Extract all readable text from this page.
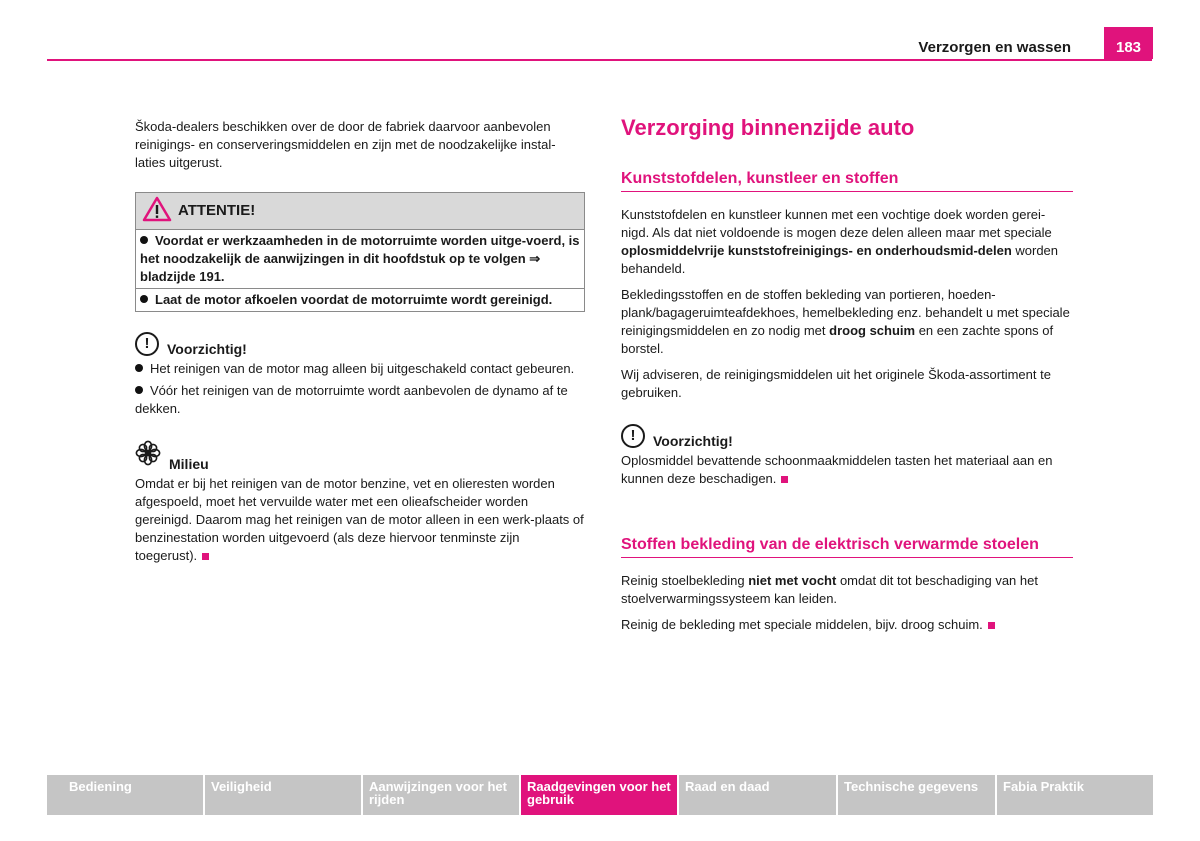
Verzorgen en wassen	183

Škoda-dealers beschikken over de door de fabriek daarvoor aanbevolen reinigings- en conserveringsmiddelen en zijn met de noodzakelijke instal-laties uitgerust.

ATTENTIE!
Voordat er werkzaamheden in de motorruimte worden uitge-voerd, is het noodzakelijk de aanwijzingen in dit hoofdstuk op te volgen ⇒ bladzijde 191.
Laat de motor afkoelen voordat de motorruimte wordt gereinigd.
!	Voorzichtig!

Het reinigen van de motor mag alleen bij uitgeschakeld contact gebeuren.

Vóór het reinigen van de motorruimte wordt aanbevolen de dynamo af te dekken.

Milieu

Omdat er bij het reinigen van de motor benzine, vet en olieresten worden afgespoeld, moet het vervuilde water met een olieafscheider worden gereinigd. Daarom mag het reinigen van de motor alleen in een werk-plaats of benzinestation worden uitgevoerd (als deze hiervoor tenminste zijn toegerust).

Verzorging binnenzijde auto
Kunststofdelen, kunstleer en stoffen

Kunststofdelen en kunstleer kunnen met een vochtige doek worden gerei-nigd. Als dat niet voldoende is mogen deze delen alleen maar met speciale oplosmiddelvrije kunststofreinigings- en onderhoudsmid-delen worden behandeld.

Bekledingsstoffen en de stoffen bekleding van portieren, hoeden-plank/bagageruimteafdekhoes, hemelbekleding enz. behandelt u met speciale reinigingsmiddelen en zo nodig met droog schuim en een zachte spons of borstel.

Wij adviseren, de reinigingsmiddelen uit het originele Škoda-assortiment te gebruiken.

!	Voorzichtig!

Oplosmiddel bevattende schoonmaakmiddelen tasten het materiaal aan en kunnen deze beschadigen.

Stoffen bekleding van de elektrisch verwarmde stoelen

Reinig stoelbekleding niet met vocht omdat dit tot beschadiging van het stoelverwarmingssysteem kan leiden.

Reinig de bekleding met speciale middelen, bijv. droog schuim.

Bediening	Veiligheid	Aanwijzingen voor het rijden
Raadgevingen voor het gebruik
Raad en daad	Technische gegevens	Fabia Praktik
